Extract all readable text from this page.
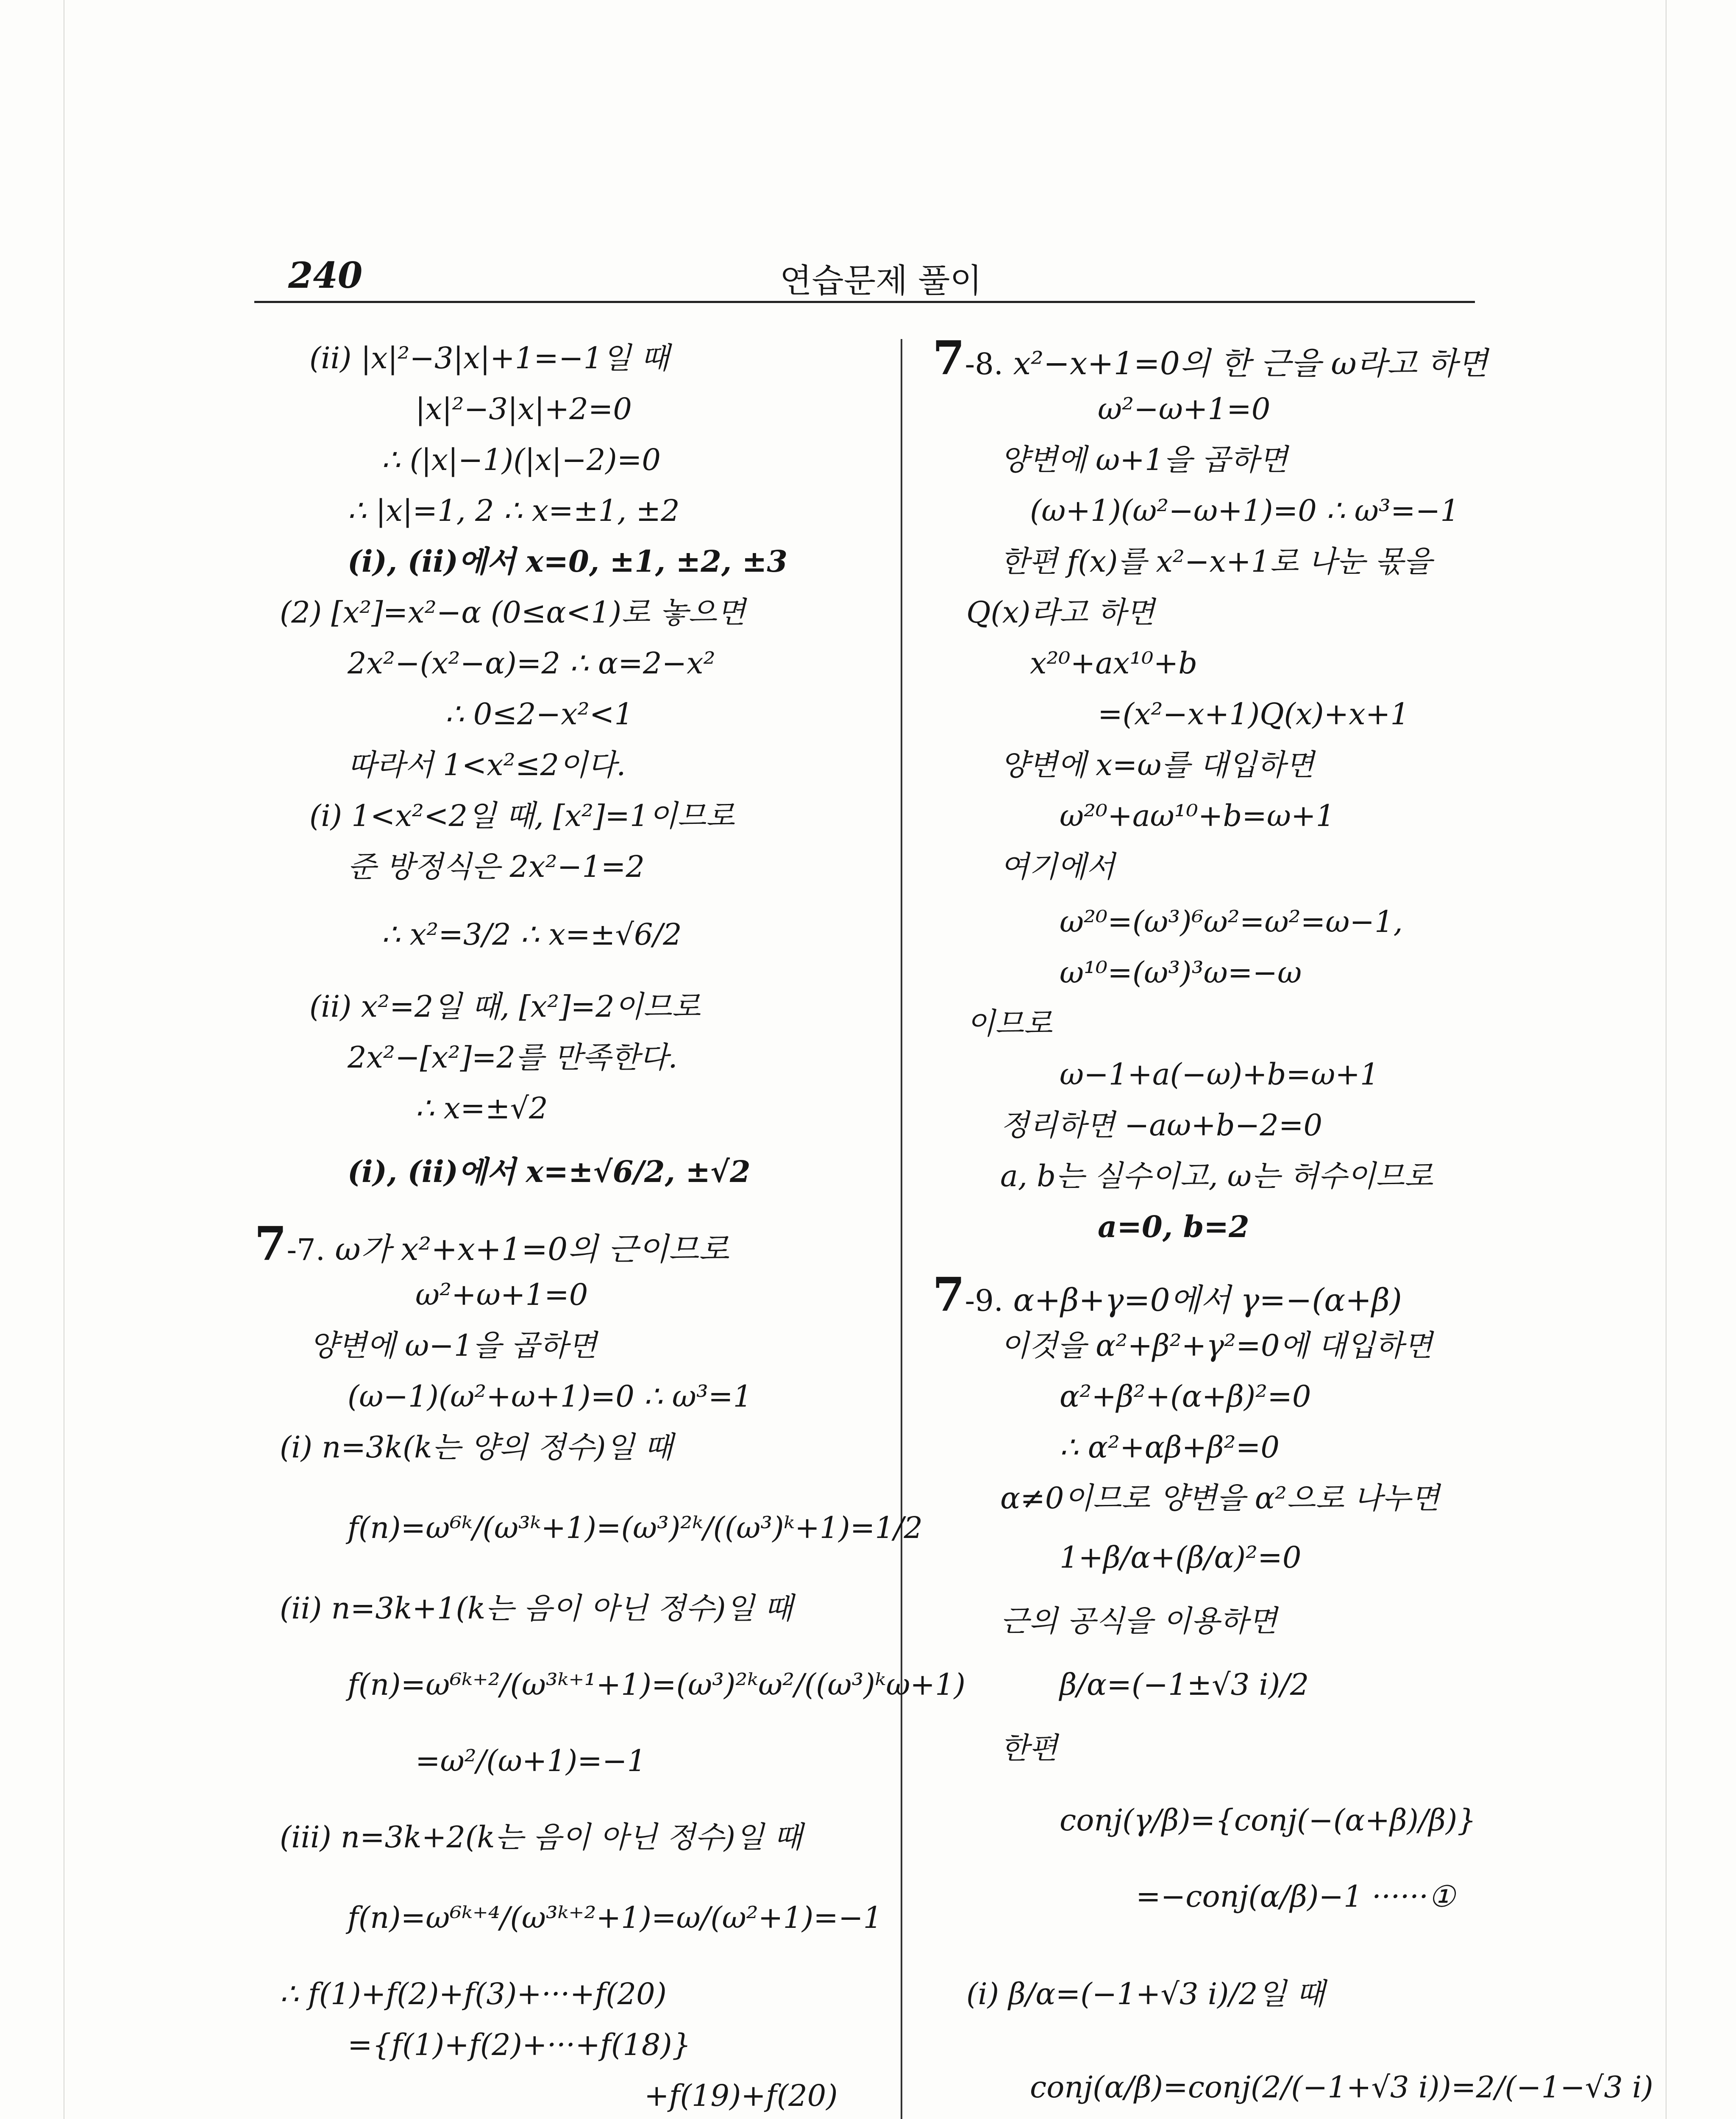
240	연습문제 풀이
(ii) |x|²−3|x|+1=−1일 때
|x|²−3|x|+2=0
∴ (|x|−1)(|x|−2)=0
∴ |x|=1, 2 ∴ x=±1, ±2
(i), (ii)에서 x=0, ±1, ±2, ±3
(2) [x²]=x²−α (0≤α<1)로 놓으면
2x²−(x²−α)=2 ∴ α=2−x²
∴ 0≤2−x²<1
따라서 1<x²≤2이다.
(i) 1<x²<2일 때, [x²]=1이므로
준 방정식은 2x²−1=2
∴ x²=3/2 ∴ x=±√6/2
(ii) x²=2일 때, [x²]=2이므로
2x²−[x²]=2를 만족한다.
∴ x=±√2
(i), (ii)에서 x=±√6/2, ±√2
7-7. ω가 x²+x+1=0의 근이므로
ω²+ω+1=0
양변에 ω−1을 곱하면
(ω−1)(ω²+ω+1)=0 ∴ ω³=1
(i) n=3k(k는 양의 정수)일 때
f(n)=ω⁶ᵏ/(ω³ᵏ+1)=(ω³)²ᵏ/((ω³)ᵏ+1)=1/2
(ii) n=3k+1(k는 음이 아닌 정수)일 때
f(n)=ω⁶ᵏ⁺²/(ω³ᵏ⁺¹+1)=(ω³)²ᵏω²/((ω³)ᵏω+1)
=ω²/(ω+1)=−1
(iii) n=3k+2(k는 음이 아닌 정수)일 때
f(n)=ω⁶ᵏ⁺⁴/(ω³ᵏ⁺²+1)=ω/(ω²+1)=−1
∴ f(1)+f(2)+f(3)+···+f(20)
={f(1)+f(2)+···+f(18)}
+f(19)+f(20)
7-8. x²−x+1=0의 한 근을 ω라고 하면
ω²−ω+1=0
양변에 ω+1을 곱하면
(ω+1)(ω²−ω+1)=0 ∴ ω³=−1
한편 f(x)를 x²−x+1로 나눈 몫을
Q(x)라고 하면
x²⁰+ax¹⁰+b
=(x²−x+1)Q(x)+x+1
양변에 x=ω를 대입하면
ω²⁰+aω¹⁰+b=ω+1
여기에서
ω²⁰=(ω³)⁶ω²=ω²=ω−1,
ω¹⁰=(ω³)³ω=−ω
이므로
ω−1+a(−ω)+b=ω+1
정리하면 −aω+b−2=0
a, b는 실수이고, ω는 허수이므로
a=0, b=2
7-9. α+β+γ=0에서 γ=−(α+β)
이것을 α²+β²+γ²=0에 대입하면
α²+β²+(α+β)²=0
∴ α²+αβ+β²=0
α≠0이므로 양변을 α²으로 나누면
1+β/α+(β/α)²=0
근의 공식을 이용하면
β/α=(−1±√3 i)/2
한편
conj(γ/β)={conj(−(α+β)/β)}
=−conj(α/β)−1 ······①
(i) β/α=(−1+√3 i)/2일 때
conj(α/β)=conj(2/(−1+√3 i))=2/(−1−√3 i)
